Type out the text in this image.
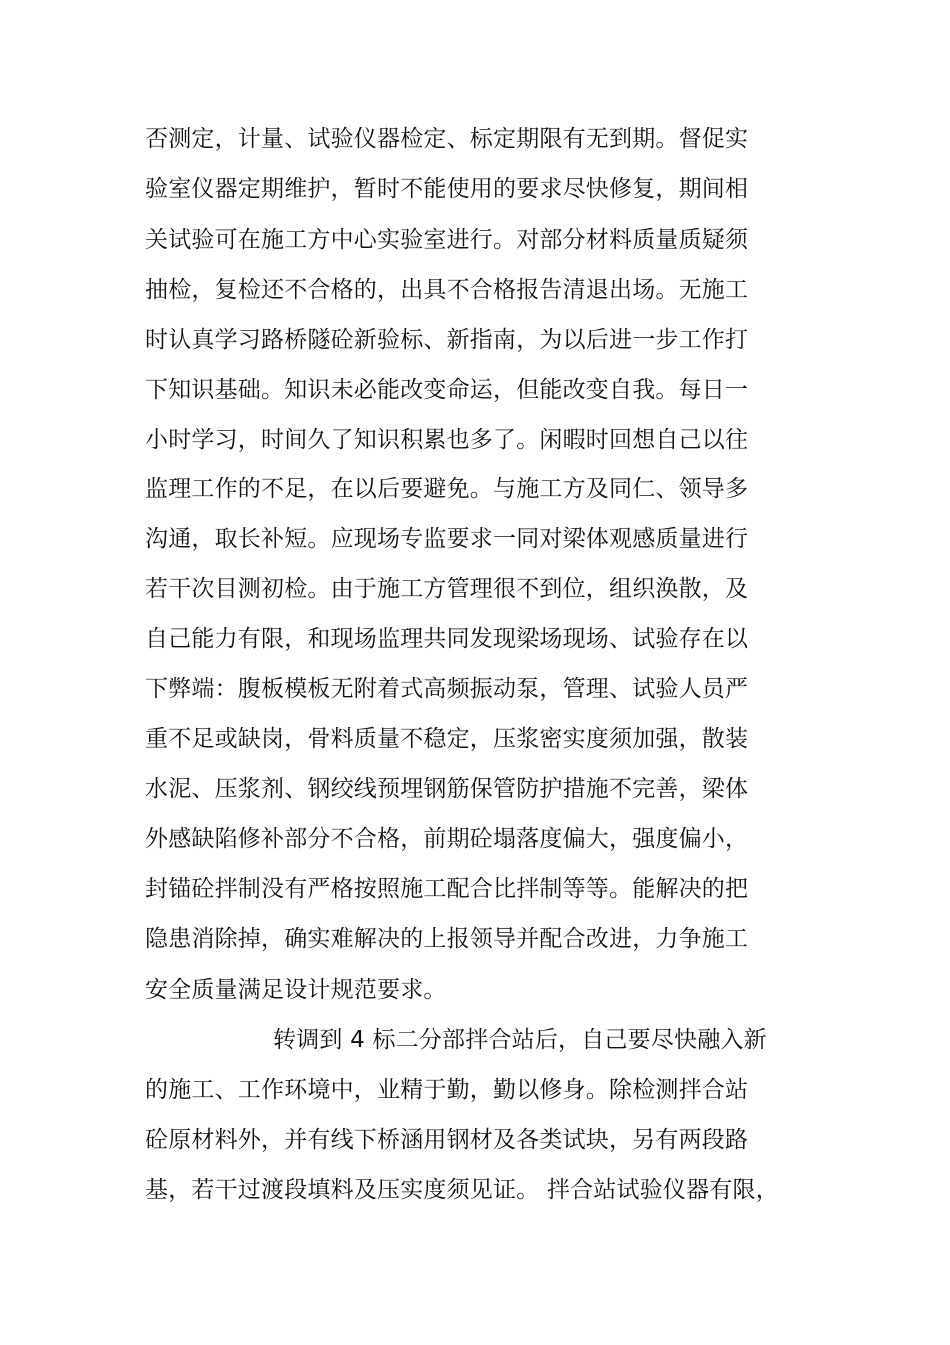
否测定，计量、试验仪器检定、标定期限有无到期。督促实
验室仪器定期维护，暂时不能使用的要求尽快修复，期间相
关试验可在施工方中心实验室进行。对部分材料质量质疑须
抽检，复检还不合格的，出具不合格报告清退出场。无施工
时认真学习路桥隧砼新验标、新指南，为以后进一步工作打
下知识基础。知识未必能改变命运，但能改变自我。每日一
小时学习，时间久了知识积累也多了。闲暇时回想自己以往
监理工作的不足，在以后要避免。与施工方及同仁、领导多
沟通，取长补短。应现场专监要求一同对梁体观感质量进行
若干次目测初检。由于施工方管理很不到位，组织涣散，及
自己能力有限，和现场监理共同发现梁场现场、试验存在以
下弊端：腹板模板无附着式高频振动泵，管理、试验人员严
重不足或缺岗，骨料质量不稳定，压浆密实度须加强，散装
水泥、压浆剂、钢绞线预埋钢筋保管防护措施不完善，梁体
外感缺陷修补部分不合格，前期砼塌落度偏大，强度偏小，
封锚砼拌制没有严格按照施工配合比拌制等等。能解决的把
隐患消除掉，确实难解决的上报领导并配合改进，力争施工
安全质量满足设计规范要求。
转调到 4 标二分部拌合站后，自己要尽快融入新
的施工、工作环境中，业精于勤，勤以修身。除检测拌合站
砼原材料外，并有线下桥涵用钢材及各类试块，另有两段路
基，若干过渡段填料及压实度须见证。 拌合站试验仪器有限，
